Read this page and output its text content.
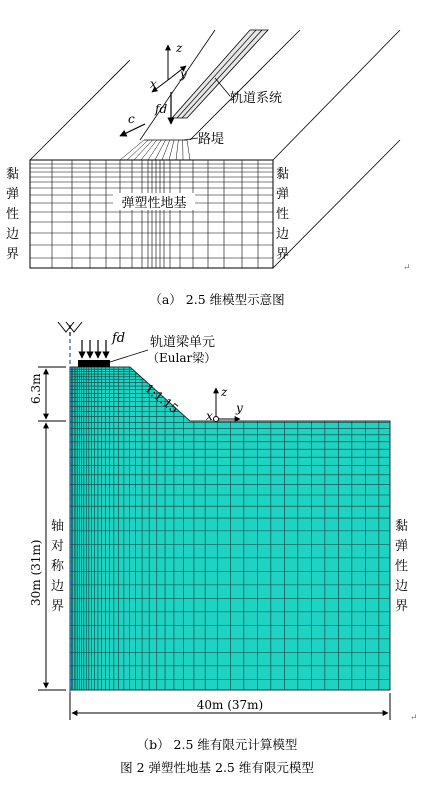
弹塑性地基
z
y
x
fd
c
轨道系统
路堤
黏
弹
性
边
界
黏
弹
性
边
界
↵
fd 轨道梁单元
（Eular梁）
1:1.15	z
x
y
6.3m
30m (31m)
40m (37m)
轴
对
称
边
界
黏
弹
性
边
界
↵
（a） 2.5 维模型示意图
（b） 2.5 维有限元计算模型
图 2 弹塑性地基 2.5 维有限元模型
